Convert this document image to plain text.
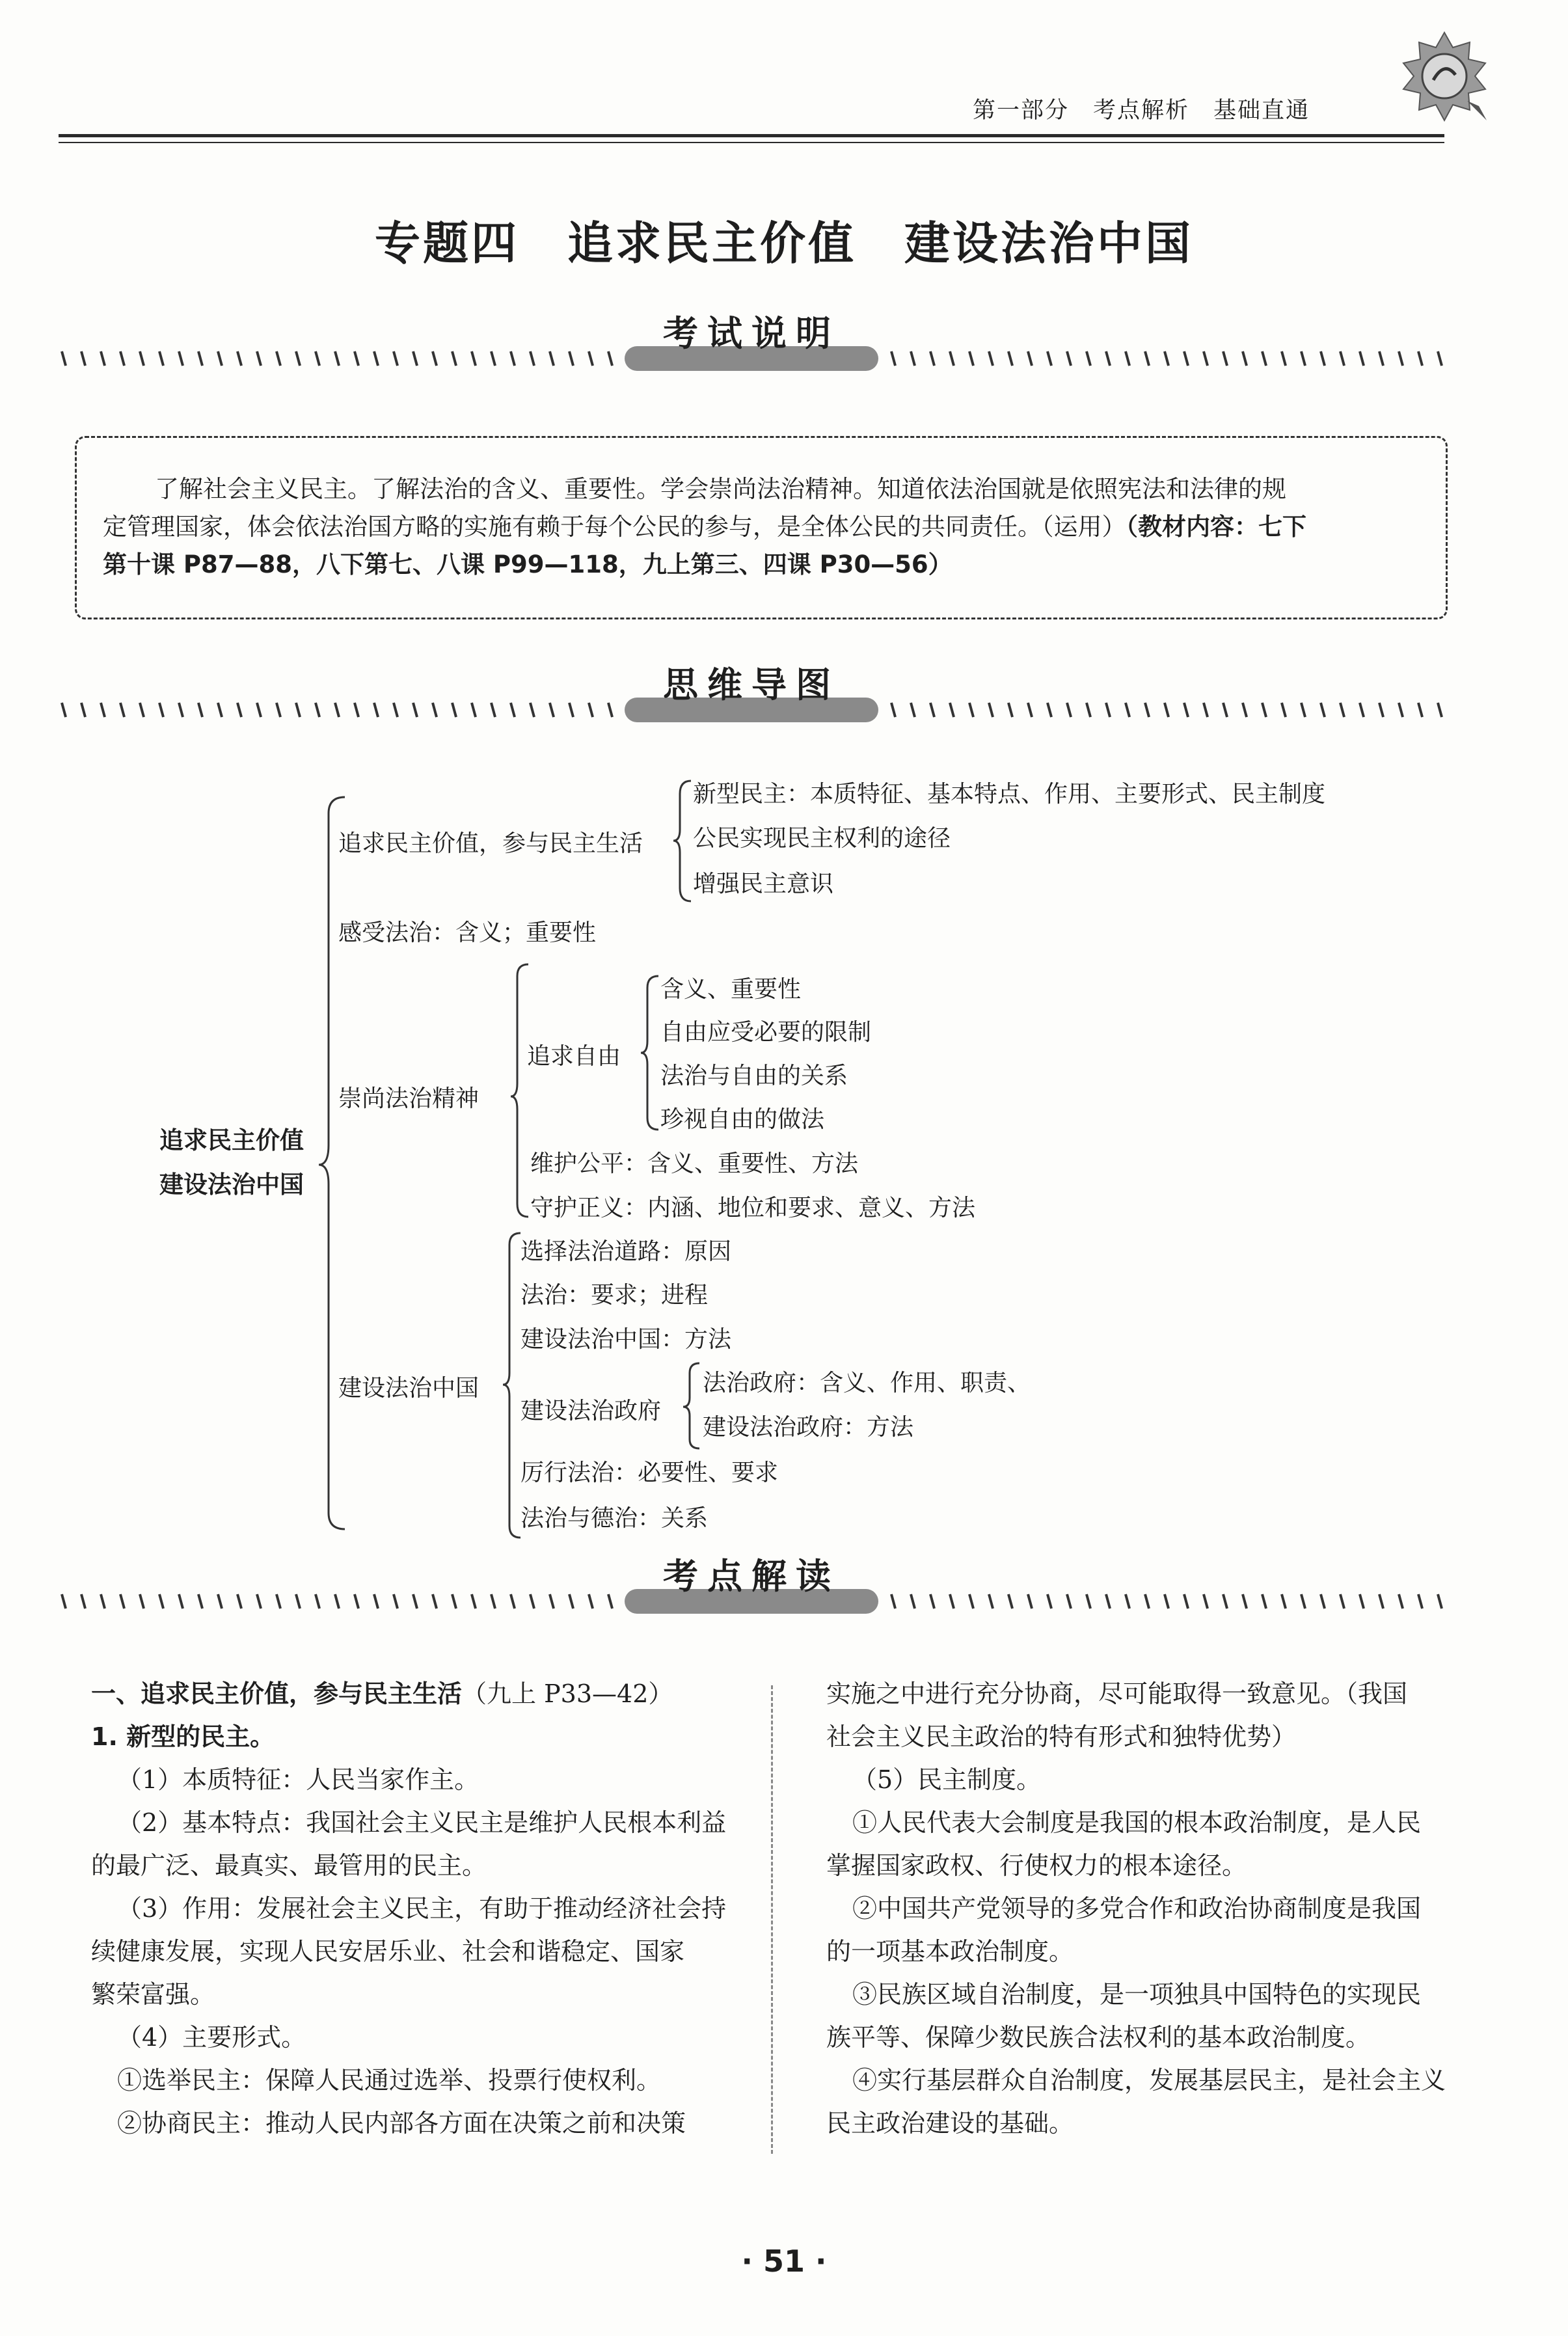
第一部分　考点解析　基础直通
专题四　追求民主价值　建设法治中国
考试说明
了解社会主义民主。了解法治的含义、重要性。学会崇尚法治精神。知道依法治国就是依照宪法和法律的规
定管理国家，体会依法治国方略的实施有赖于每个公民的参与，是全体公民的共同责任。（运用）（教材内容：七下
第十课 P87—88，八下第七、八课 P99—118，九上第三、四课 P30—56）
思维导图
追求民主价值
建设法治中国
追求民主价值，参与民主生活
新型民主：本质特征、基本特点、作用、主要形式、民主制度
公民实现民主权利的途径
增强民主意识
感受法治：含义；重要性
崇尚法治精神
追求自由
含义、重要性
自由应受必要的限制
法治与自由的关系
珍视自由的做法
维护公平：含义、重要性、方法
守护正义：内涵、地位和要求、意义、方法
建设法治中国
选择法治道路：原因
法治：要求；进程
建设法治中国：方法
建设法治政府
法治政府：含义、作用、职责、
建设法治政府：方法
厉行法治：必要性、要求
法治与德治：关系
考点解读

一、追求民主价值，参与民主生活（九上 P33—42）

1. 新型的民主。

（1）本质特征：人民当家作主。

（2）基本特点：我国社会主义民主是维护人民根本利益

的最广泛、最真实、最管用的民主。

（3）作用：发展社会主义民主，有助于推动经济社会持

续健康发展，实现人民安居乐业、社会和谐稳定、国家

繁荣富强。

（4）主要形式。

①选举民主：保障人民通过选举、投票行使权利。

②协商民主：推动人民内部各方面在决策之前和决策

实施之中进行充分协商，尽可能取得一致意见。（我国

社会主义民主政治的特有形式和独特优势）

（5）民主制度。

①人民代表大会制度是我国的根本政治制度，是人民

掌握国家政权、行使权力的根本途径。

②中国共产党领导的多党合作和政治协商制度是我国

的一项基本政治制度。

③民族区域自治制度，是一项独具中国特色的实现民

族平等、保障少数民族合法权利的基本政治制度。

④实行基层群众自治制度，发展基层民主，是社会主义

民主政治建设的基础。

· 51 ·
